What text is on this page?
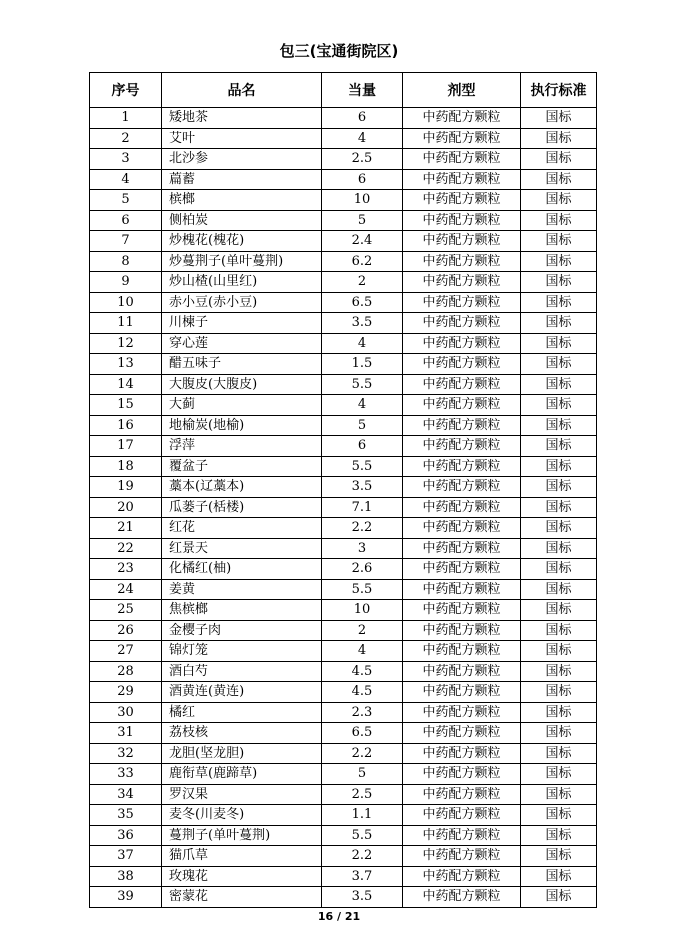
包三(宝通街院区)
序号	品名	当量	剂型	执行标准
1	矮地茶	6	中药配方颗粒	国标
2	艾叶	4	中药配方颗粒	国标
3	北沙参	2.5	中药配方颗粒	国标
4	萹蓄	6	中药配方颗粒	国标
5	槟榔	10	中药配方颗粒	国标
6	侧柏炭	5	中药配方颗粒	国标
7	炒槐花(槐花)	2.4	中药配方颗粒	国标
8	炒蔓荆子(单叶蔓荆)	6.2	中药配方颗粒	国标
9	炒山楂(山里红)	2	中药配方颗粒	国标
10	赤小豆(赤小豆)	6.5	中药配方颗粒	国标
11	川楝子	3.5	中药配方颗粒	国标
12	穿心莲	4	中药配方颗粒	国标
13	醋五味子	1.5	中药配方颗粒	国标
14	大腹皮(大腹皮)	5.5	中药配方颗粒	国标
15	大蓟	4	中药配方颗粒	国标
16	地榆炭(地榆)	5	中药配方颗粒	国标
17	浮萍	6	中药配方颗粒	国标
18	覆盆子	5.5	中药配方颗粒	国标
19	藁本(辽藁本)	3.5	中药配方颗粒	国标
20	瓜蒌子(栝楼)	7.1	中药配方颗粒	国标
21	红花	2.2	中药配方颗粒	国标
22	红景天	3	中药配方颗粒	国标
23	化橘红(柚)	2.6	中药配方颗粒	国标
24	姜黄	5.5	中药配方颗粒	国标
25	焦槟榔	10	中药配方颗粒	国标
26	金樱子肉	2	中药配方颗粒	国标
27	锦灯笼	4	中药配方颗粒	国标
28	酒白芍	4.5	中药配方颗粒	国标
29	酒黄连(黄连)	4.5	中药配方颗粒	国标
30	橘红	2.3	中药配方颗粒	国标
31	荔枝核	6.5	中药配方颗粒	国标
32	龙胆(坚龙胆)	2.2	中药配方颗粒	国标
33	鹿衔草(鹿蹄草)	5	中药配方颗粒	国标
34	罗汉果	2.5	中药配方颗粒	国标
35	麦冬(川麦冬)	1.1	中药配方颗粒	国标
36	蔓荆子(单叶蔓荆)	5.5	中药配方颗粒	国标
37	猫爪草	2.2	中药配方颗粒	国标
38	玫瑰花	3.7	中药配方颗粒	国标
39	密蒙花	3.5	中药配方颗粒	国标
16 / 21
